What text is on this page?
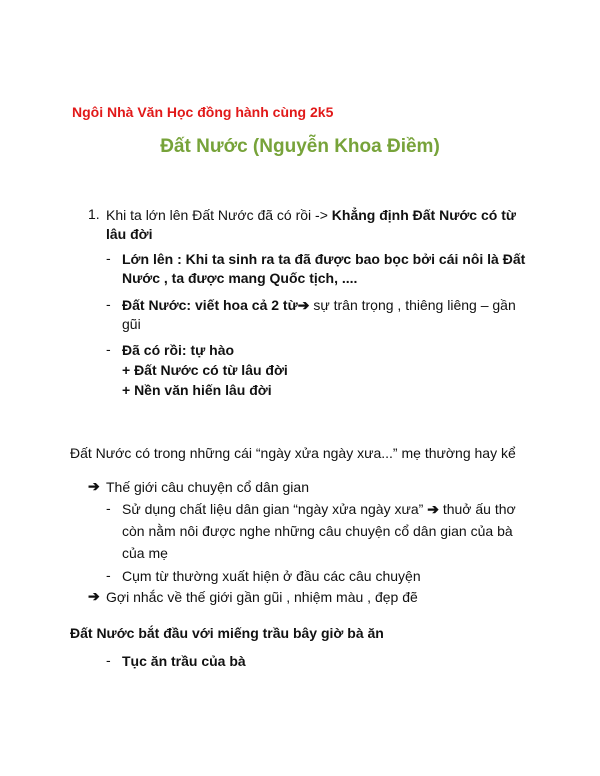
Ngôi Nhà Văn Học đồng hành cùng 2k5
Đất Nước (Nguyễn Khoa Điềm)
1. Khi ta lớn lên Đất Nước đã có rồi -> Khẳng định Đất Nước có từ
lâu đời
- Lớn lên : Khi ta sinh ra ta đã được bao bọc bởi cái nôi là Đất
Nước , ta được mang Quốc tịch, ....
- Đất Nước: viết hoa cả 2 từ➔ sự trân trọng , thiêng liêng – gần
gũi
- Đã có rồi: tự hào
+ Đất Nước có từ lâu đời
+ Nền văn hiến lâu đời
Đất Nước có trong những cái “ngày xửa ngày xưa...” mẹ thường hay kể
➔ Thế giới câu chuyện cổ dân gian
- Sử dụng chất liệu dân gian “ngày xửa ngày xưa” ➔ thuở ấu thơ
còn nằm nôi được nghe những câu chuyện cổ dân gian của bà
của mẹ
- Cụm từ thường xuất hiện ở đầu các câu chuyện
➔ Gợi nhắc về thế giới gần gũi , nhiệm màu , đẹp đẽ
Đất Nước bắt đầu với miếng trầu bây giờ bà ăn
- Tục ăn trầu của bà
